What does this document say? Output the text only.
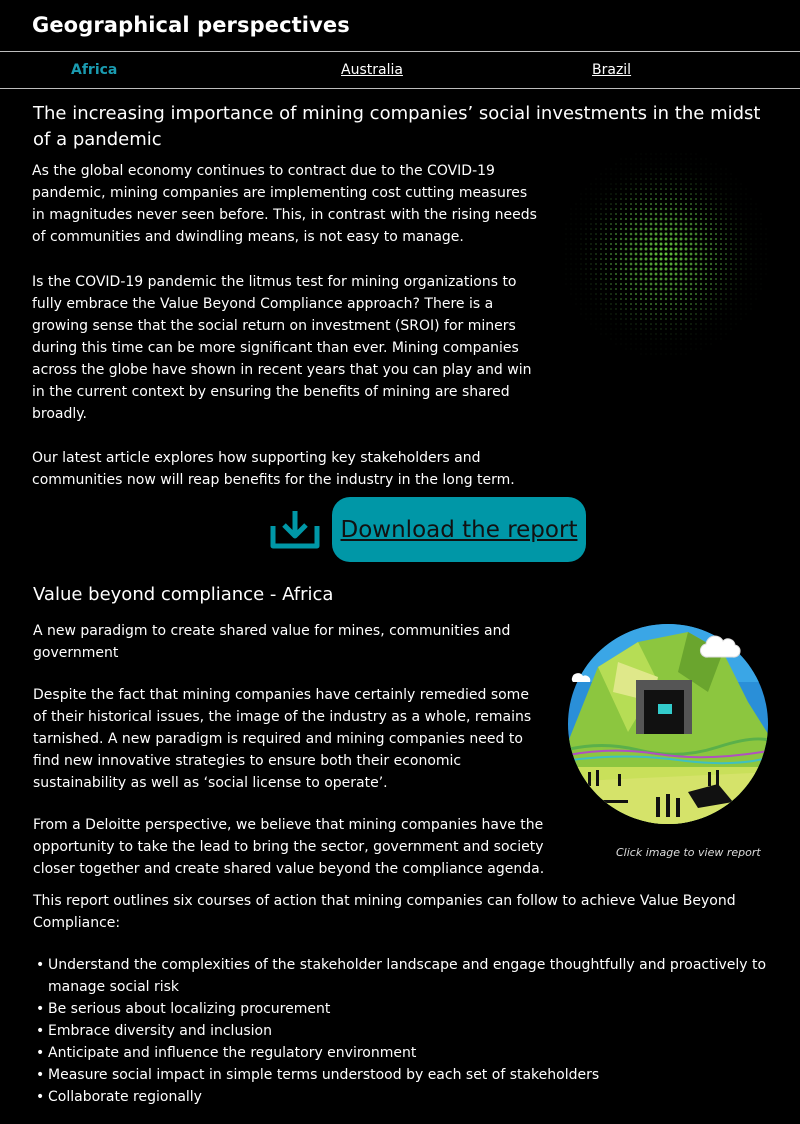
Geographical perspectives
Africa	Australia	Brazil
The increasing importance of mining companies’ social investments in the midst of a pandemic

As the global economy continues to contract due to the COVID-19 pandemic, mining companies are implementing cost cutting measures in magnitudes never seen before. This, in contrast with the rising needs of communities and dwindling means, is not easy to manage.

Is the COVID-19 pandemic the litmus test for mining organizations to fully embrace the Value Beyond Compliance approach? There is a growing sense that the social return on investment (SROI) for miners during this time can be more significant than ever. Mining companies across the globe have shown in recent years that you can play and win in the current context by ensuring the benefits of mining are shared broadly.

Our latest article explores how supporting key stakeholders and communities now will reap benefits for the industry in the long term.

Download the report
Value beyond compliance - Africa

A new paradigm to create shared value for mines, communities and government

Despite the fact that mining companies have certainly remedied some of their historical issues, the image of the industry as a whole, remains tarnished. A new paradigm is required and mining companies need to find new innovative strategies to ensure both their economic sustainability as well as ‘social license to operate’.

From a Deloitte perspective, we believe that mining companies have the opportunity to take the lead to bring the sector, government and society closer together and create shared value beyond the compliance agenda.

Click image to view report

This report outlines six courses of action that mining companies can follow to achieve Value Beyond Compliance:

• Understand the complexities of the stakeholder landscape and engage thoughtfully and proactively to manage social risk
• Be serious about localizing procurement
• Embrace diversity and inclusion
• Anticipate and influence the regulatory environment
• Measure social impact in simple terms understood by each set of stakeholders
• Collaborate regionally
